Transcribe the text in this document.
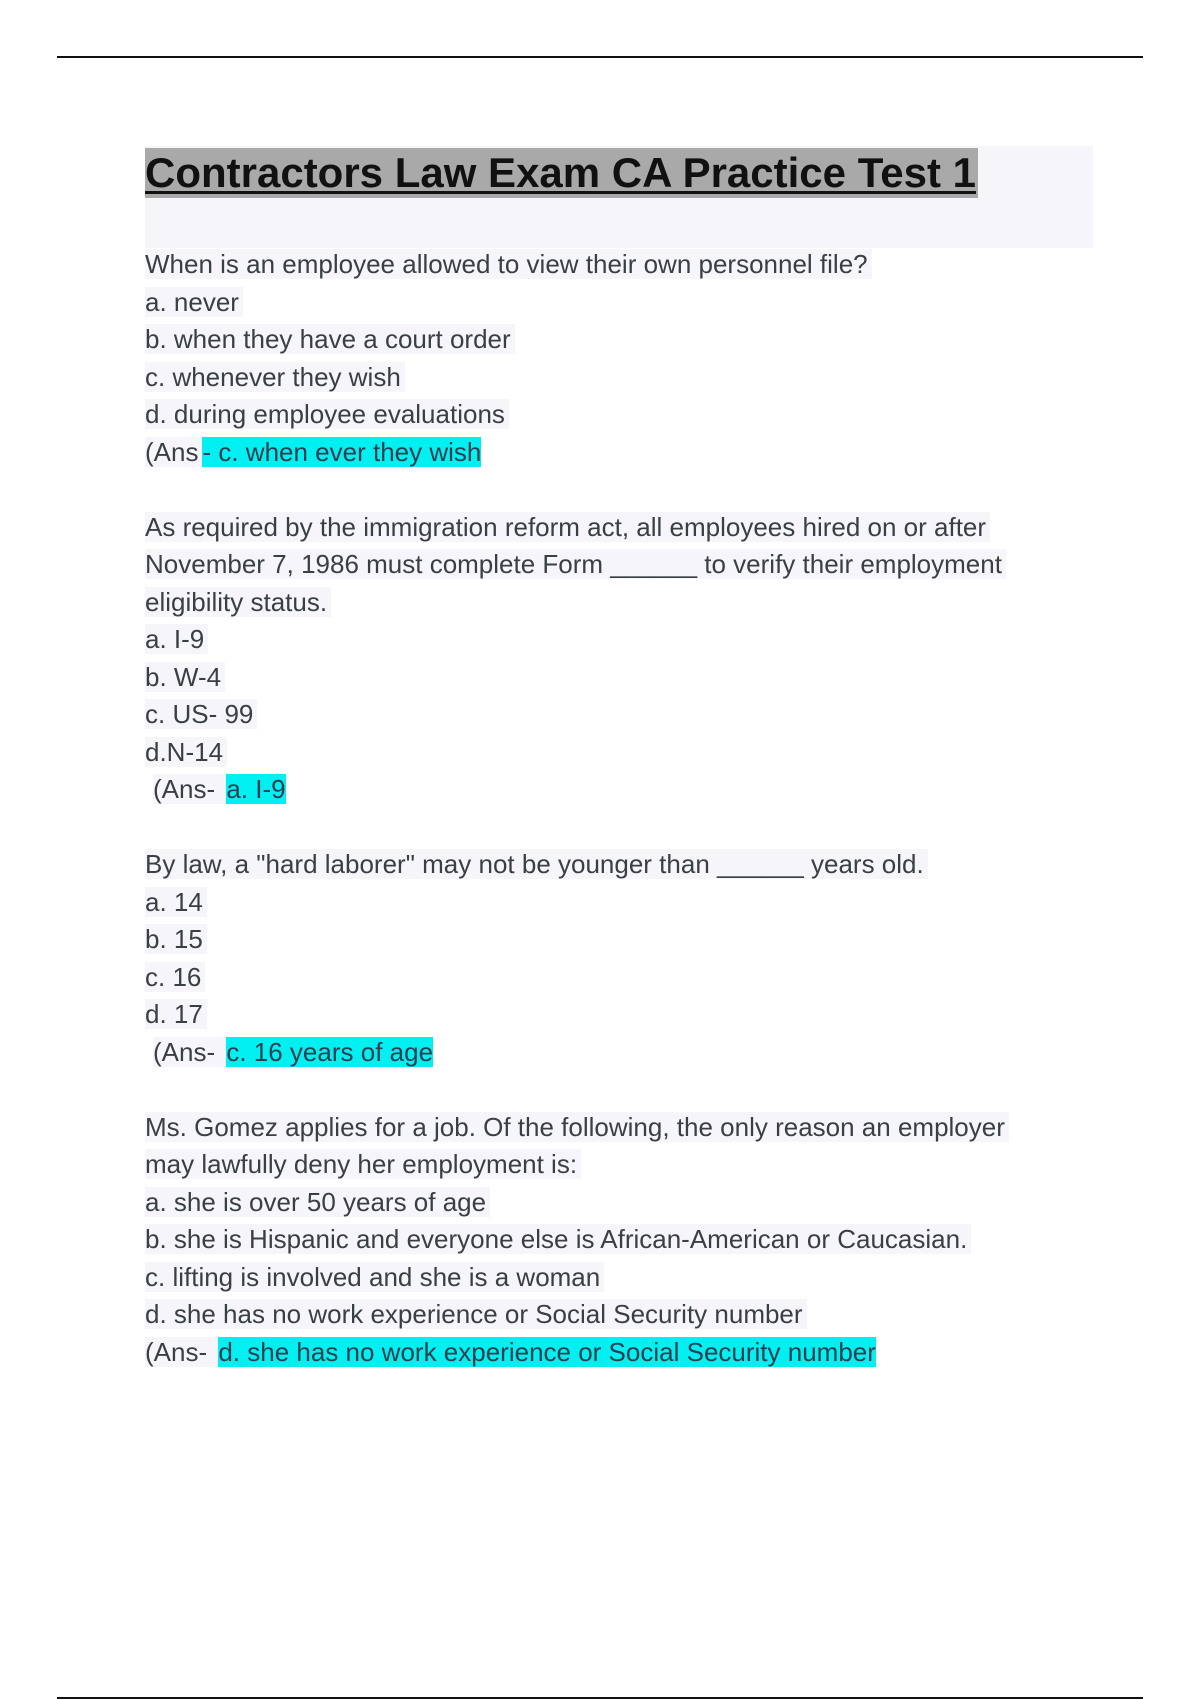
Contractors Law Exam CA Practice Test 1
When is an employee allowed to view their own personnel file?
a. never
b. when they have a court order
c. whenever they wish
d. during employee evaluations
(Ans - c. when ever they wish
As required by the immigration reform act, all employees hired on or after
November 7, 1986 must complete Form ______ to verify their employment
eligibility status.
a. I-9
b. W-4
c. US- 99
d.N-14
(Ans- a. I-9
By law, a "hard laborer" may not be younger than ______ years old.
a. 14
b. 15
c. 16
d. 17
(Ans- c. 16 years of age
Ms. Gomez applies for a job. Of the following, the only reason an employer
may lawfully deny her employment is:
a. she is over 50 years of age
b. she is Hispanic and everyone else is African-American or Caucasian.
c. lifting is involved and she is a woman
d. she has no work experience or Social Security number
(Ans- d. she has no work experience or Social Security number
